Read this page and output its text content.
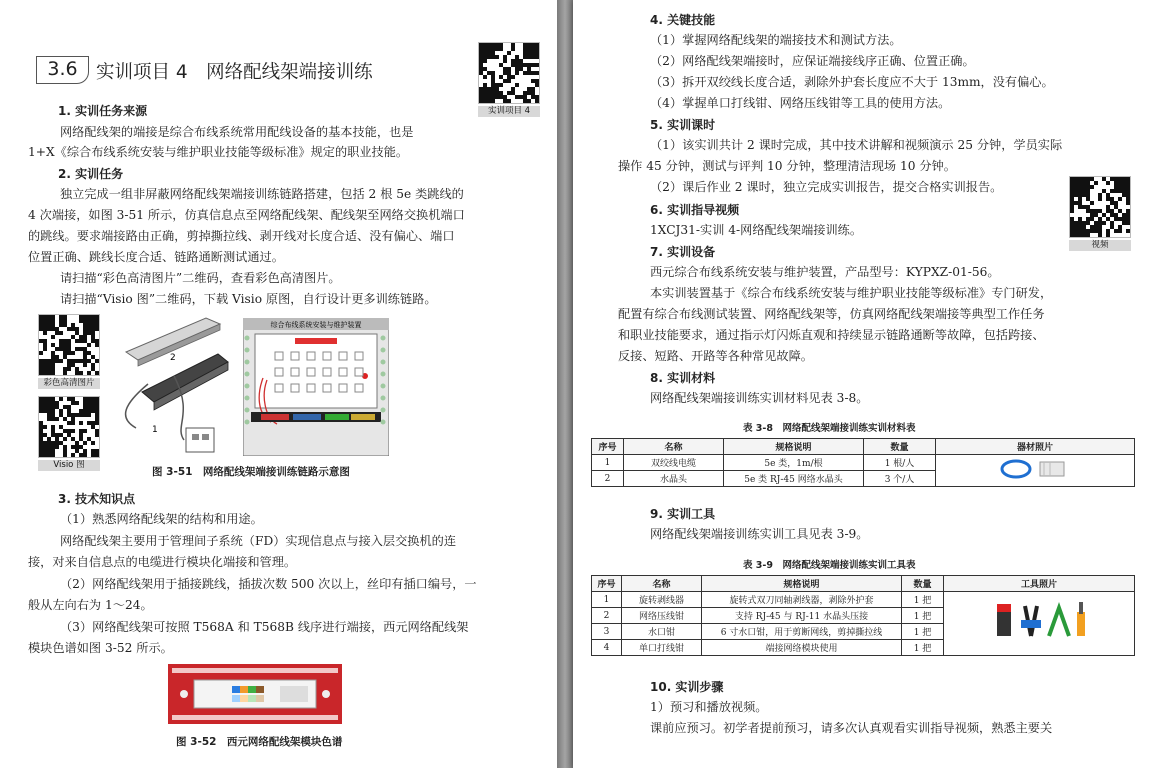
3.6 实训项目 4　网络配线架端接训练
实训项目 4
1. 实训任务来源
网络配线架的端接是综合布线系统常用配线设备的基本技能，也是
1+X《综合布线系统安装与维护职业技能等级标准》规定的职业技能。
2. 实训任务
独立完成一组非屏蔽网络配线架端接训练链路搭建，包括 2 根 5e 类跳线的
4 次端接，如图 3-51 所示，仿真信息点至网络配线架、配线架至网络交换机端口
的跳线。要求端接路由正确，剪掉撕拉线、剥开线对长度合适、没有偏心、端口
位置正确、跳线长度合适、链路通断测试通过。
请扫描“彩色高清图片”二维码，查看彩色高清图片。
请扫描“Visio 图”二维码，下载 Visio 原图，自行设计更多训练链路。
彩色高清图片
Visio 图
2
1
综合布线系统安装与维护装置
图 3-51　网络配线架端接训练链路示意图
3. 技术知识点
（1）熟悉网络配线架的结构和用途。
网络配线架主要用于管理间子系统（FD）实现信息点与接入层交换机的连
接，对来自信息点的电缆进行模块化端接和管理。
（2）网络配线架用于插接跳线，插拔次数 500 次以上，丝印有插口编号，一
般从左向右为 1～24。
（3）网络配线架可按照 T568A 和 T568B 线序进行端接，西元网络配线架
模块色谱如图 3-52 所示。
图 3-52　西元网络配线架模块色谱
4. 关键技能
（1）掌握网络配线架的端接技术和测试方法。
（2）网络配线架端接时，应保证端接线序正确、位置正确。
（3）拆开双绞线长度合适，剥除外护套长度应不大于 13mm，没有偏心。
（4）掌握单口打线钳、网络压线钳等工具的使用方法。
5. 实训课时
（1）该实训共计 2 课时完成，其中技术讲解和视频演示 25 分钟，学员实际
操作 45 分钟，测试与评判 10 分钟，整理清洁现场 10 分钟。
（2）课后作业 2 课时，独立完成实训报告，提交合格实训报告。
视频
6. 实训指导视频
1XCJ31-实训 4-网络配线架端接训练。
7. 实训设备
西元综合布线系统安装与维护装置，产品型号：KYPXZ-01-56。
本实训装置基于《综合布线系统安装与维护职业技能等级标准》专门研发，
配置有综合布线测试装置、网络配线架等，仿真网络配线架端接等典型工作任务
和职业技能要求，通过指示灯闪烁直观和持续显示链路通断等故障，包括跨接、
反接、短路、开路等各种常见故障。
8. 实训材料
网络配线架端接训练实训材料见表 3-8。
表 3-8　网络配线架端接训练实训材料表
序号	名称	规格说明	数量	器材照片
1	双绞线电缆	5e 类，1m/根	1 根/人	
2	水晶头	5e 类 RJ-45 网络水晶头	3 个/人	
9. 实训工具
网络配线架端接训练实训工具见表 3-9。
表 3-9　网络配线架端接训练实训工具表
序号	名称	规格说明	数量	工具照片
1	旋转剥线器	旋转式双刀同轴剥线器，剥除外护套	1 把	
2	网络压线钳	支持 RJ-45 与 RJ-11 水晶头压接	1 把	
3	水口钳	6 寸水口钳，用于剪断网线，剪掉撕拉线	1 把	
4	单口打线钳	端接网络模块使用	1 把	
10. 实训步骤
1）预习和播放视频。
课前应预习。初学者提前预习，请多次认真观看实训指导视频，熟悉主要关
